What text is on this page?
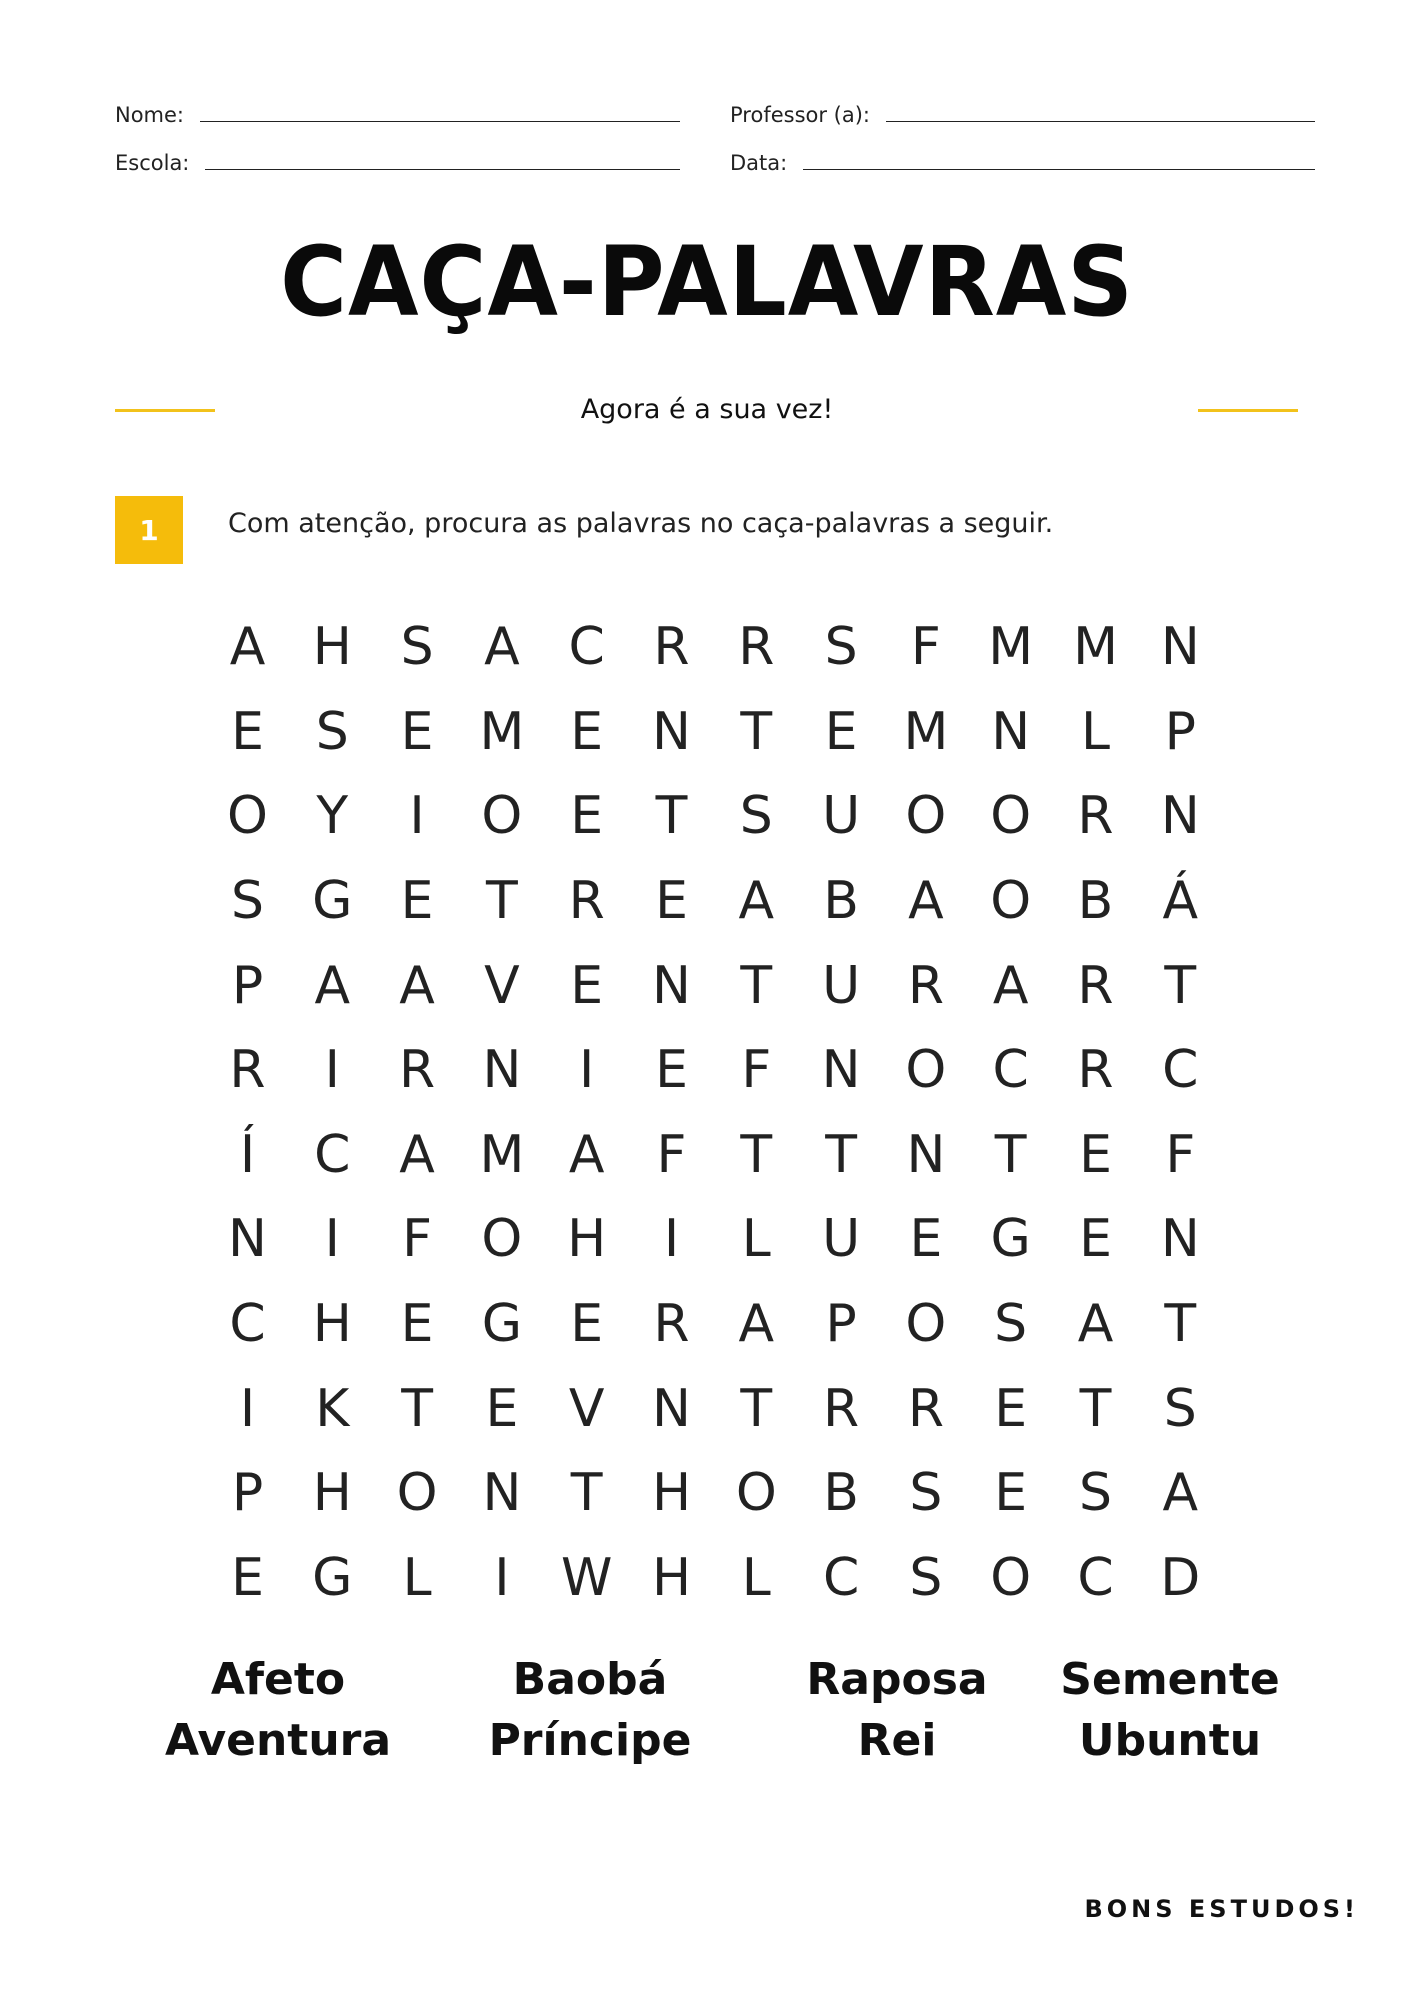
Nome:	Professor (a):
Escola:	Data:
CAÇA-PALAVRAS
Agora é a sua vez!
1	Com atenção, procura as palavras no caça-palavras a seguir.
A H S A C R R S	F M M N
E S E M E N T	E M N L	P
O Y	I	O E	T	S U O O R N
S G E	T R E A B A O B Á
P A A V E N T U R A R T
R	I	R N	I	E	F N O C R C
Í	C A M A	F	T	T N T	E	F
N	I	F O H	I	L U E G E N
C H E G E R A P O S A T
I	K T	E V N T R R E	T	S
P H O N T H O B S E S A
E G L	I W H L	C S O C D
Afeto
Aventura
Baobá
Príncipe
Raposa
Rei
Semente
Ubuntu
BONS ESTUDOS!
